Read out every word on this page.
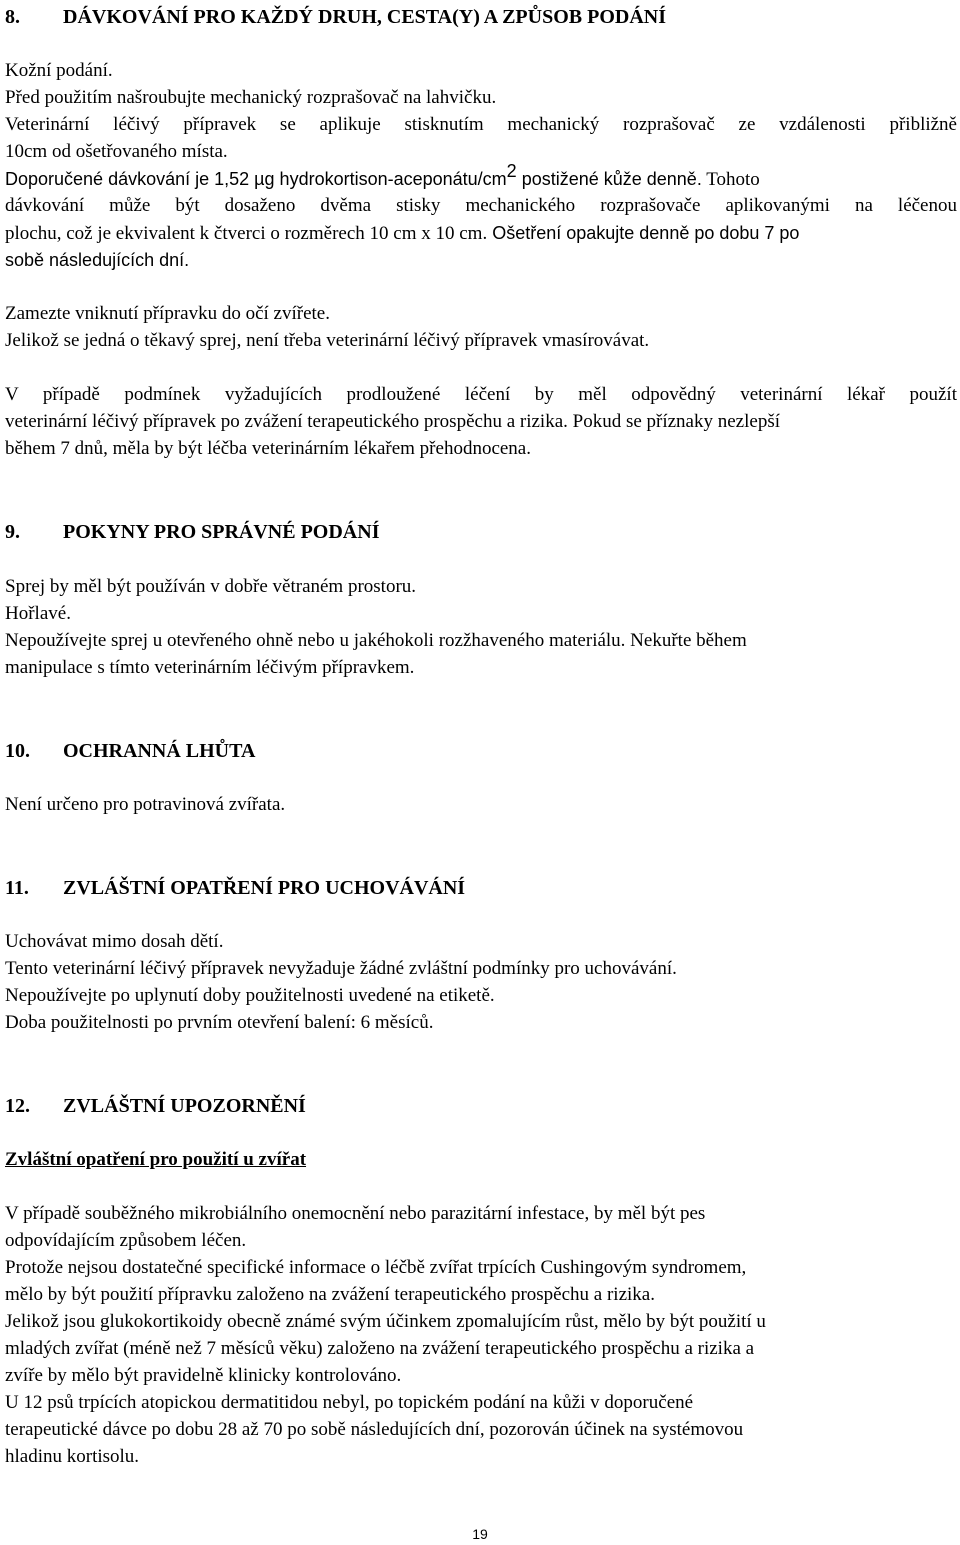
8. DÁVKOVÁNÍ PRO KAŽDÝ DRUH, CESTA(Y) A ZPŮSOB PODÁNÍ
Kožní podání.
Před použitím našroubujte mechanický rozprašovač na lahvičku.
Veterinární léčivý přípravek se aplikuje stisknutím mechanický rozprašovač ze vzdálenosti přibližně
10cm od ošetřovaného místa.
Doporučené dávkování je 1,52 µg hydrokortison-$aceponátu/cm^2$ postižené kůže denně. Tohoto
dávkování může být dosaženo dvěma stisky mechanického rozprašovače aplikovanými na léčenou
plochu, což je ekvivalent k čtverci o rozměrech 10 cm x 10 cm. Ošetření opakujte denně po dobu 7 po
sobě následujících dní.
Zamezte vniknutí přípravku do očí zvířete.
Jelikož se jedná o těkavý sprej, není třeba veterinární léčivý přípravek vmasírovávat.
V případě podmínek vyžadujících prodloužené léčení by měl odpovědný veterinární lékař použít
veterinární léčivý přípravek po zvážení terapeutického prospěchu a rizika. Pokud se příznaky nezlepší
během 7 dnů, měla by být léčba veterinárním lékařem přehodnocena.
9. POKYNY PRO SPRÁVNÉ PODÁNÍ
Sprej by měl být používán v dobře větraném prostoru.
Hořlavé.
Nepoužívejte sprej u otevřeného ohně nebo u jakéhokoli rozžhaveného materiálu. Nekuřte během
manipulace s tímto veterinárním léčivým přípravkem.
10. OCHRANNÁ LHŮTA
Není určeno pro potravinová zvířata.
11. ZVLÁŠTNÍ OPATŘENÍ PRO UCHOVÁVÁNÍ
Uchovávat mimo dosah dětí.
Tento veterinární léčivý přípravek nevyžaduje žádné zvláštní podmínky pro uchovávání.
Nepoužívejte po uplynutí doby použitelnosti uvedené na etiketě.
Doba použitelnosti po prvním otevření balení: 6 měsíců.
12. ZVLÁŠTNÍ UPOZORNĚNÍ
Zvláštní opatření pro použití u zvířat
V případě souběžného mikrobiálního onemocnění nebo parazitární infestace, by měl být pes
odpovídajícím způsobem léčen.
Protože nejsou dostatečné specifické informace o léčbě zvířat trpících Cushingovým syndromem,
mělo by být použití přípravku založeno na zvážení terapeutického prospěchu a rizika.
Jelikož jsou glukokortikoidy obecně známé svým účinkem zpomalujícím růst, mělo by být použití u
mladých zvířat (méně než 7 měsíců věku) založeno na zvážení terapeutického prospěchu a rizika a
zvíře by mělo být pravidelně klinicky kontrolováno.
U 12 psů trpících atopickou dermatitidou nebyl, po topickém podání na kůži v doporučené
terapeutické dávce po dobu 28 až 70 po sobě následujících dní, pozorován účinek na systémovou
hladinu kortisolu.
19
